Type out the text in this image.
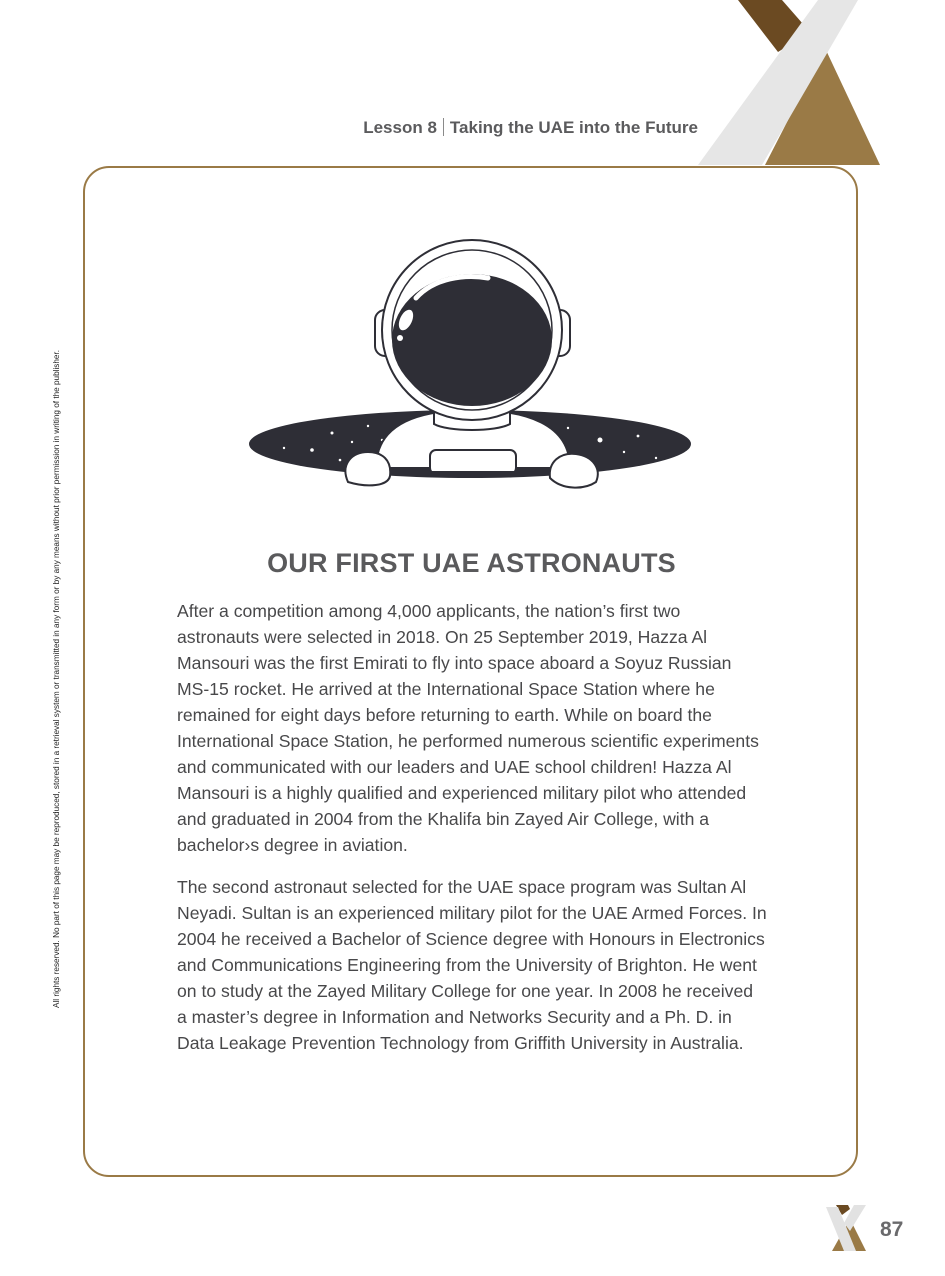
Lesson 8 Taking the UAE into the Future
All rights reserved. No part of this page may be reproduced, stored in a retrieval system or transmitted in any form or by any means without prior permission in writing of the publisher.	OUR FIRST UAE ASTRONAUTS

After a competition among 4,000 applicants, the nation’s first two astronauts were selected in 2018. On 25 September 2019, Hazza Al Mansouri was the first Emirati to fly into space aboard a Soyuz Russian MS-15 rocket. He arrived at the International Space Station where he remained for eight days before returning to earth. While on board the International Space Station, he performed numerous scientific experiments and communicated with our leaders and UAE school children! Hazza Al Mansouri is a highly qualified and experienced military pilot who attended and graduated in 2004 from the Khalifa bin Zayed Air College, with a bachelor›s degree in aviation.

The second astronaut selected for the UAE space program was Sultan Al Neyadi. Sultan is an experienced military pilot for the UAE Armed Forces. In 2004 he received a Bachelor of Science degree with Honours in Electronics and Communications Engineering from the University of Brighton. He went on to study at the Zayed Military College for one year. In 2008 he received a master’s degree in Information and Networks Security and a Ph. D. in Data Leakage Prevention Technology from Griffith University in Australia.

87
